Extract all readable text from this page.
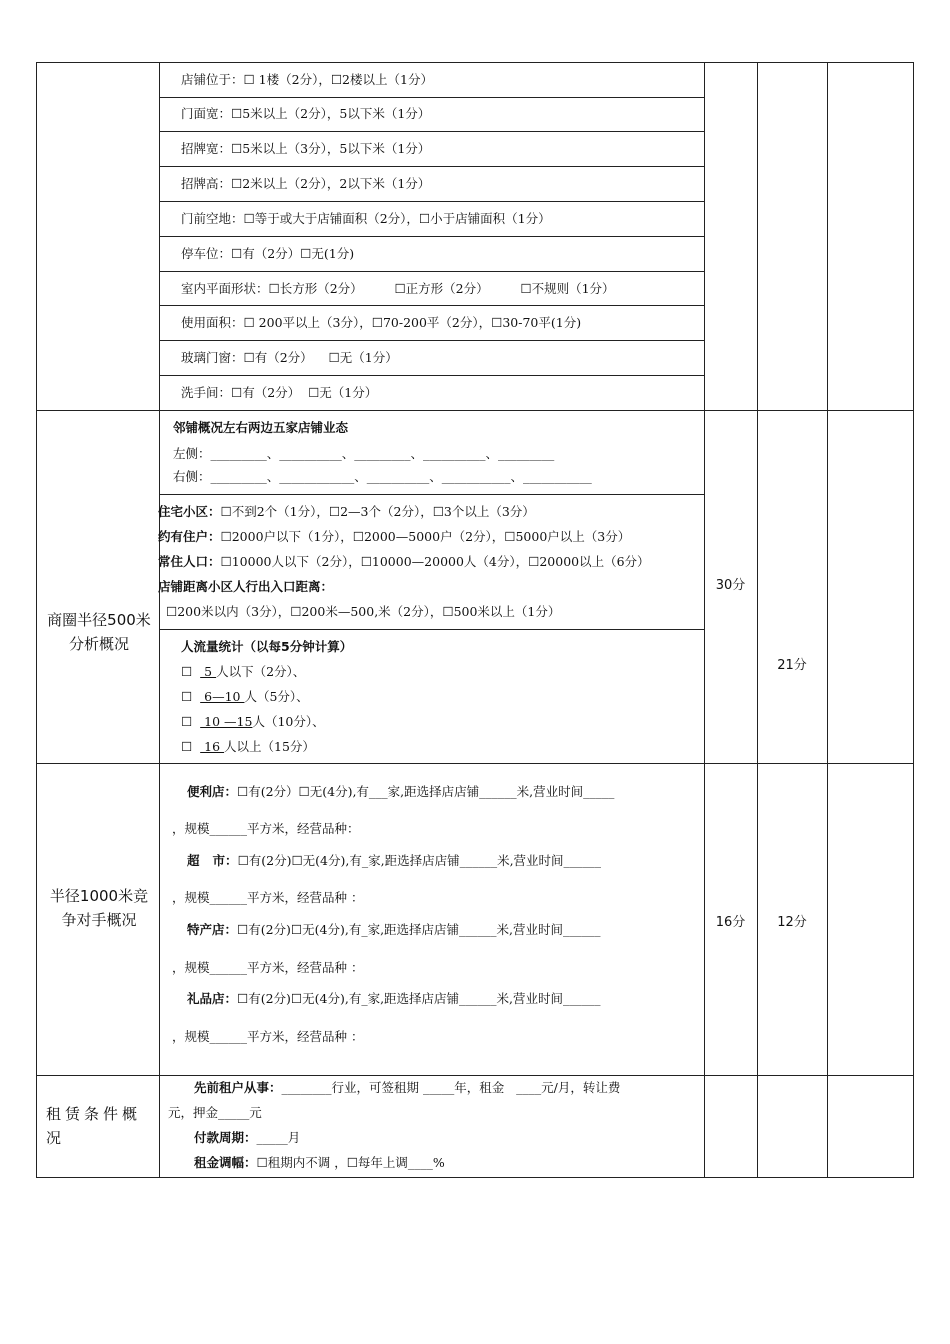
店铺位于：☐ 1楼（2分），☐2楼以上（1分）
门面宽：☐5米以上（2分），5以下米（1分）
招牌宽：☐5米以上（3分），5以下米（1分）
招牌高：☐2米以上（2分），2以下米（1分）
门前空地：☐等于或大于店铺面积（2分），☐小于店铺面积（1分）
停车位：☐有（2分）☐无(1分)
室内平面形状：☐长方形（2分）        ☐正方形（2分）        ☐不规则（1分）
使用面积：☐ 200平以上（3分），☐70-200平（2分），☐30-70平(1分)
玻璃门窗：☐有（2分）    ☐无（1分）
洗手间：☐有（2分）  ☐无（1分）
商圈半径500米分析概况
邻铺概况左右两边五家店铺业态
左侧：_________、__________、_________、__________、_________
右侧：_________、____________、__________、___________、___________
住宅小区：☐不到2个（1分），☐2—3个（2分），☐3个以上（3分）
约有住户：☐2000户以下（1分），☐2000—5000户（2分），☐5000户以上（3分）
常住人口：☐10000人以下（2分），☐10000—20000人（4分），☐20000以上（6分）
店铺距离小区人行出入口距离：
☐200米以内（3分），☐200米—500,米（2分），☐500米以上（1分）
人流量统计（以每5分钟计算）
☐   5 人以下（2分）、
☐   6—10 人（5分）、
☐   10 —15人（10分）、
☐   16 人以上（15分）
30分
21分
半径1000米竞争对手概况
便利店：☐有(2分）☐无(4分),有___家,距选择店店铺______米,营业时间_____
，规模______平方米，经营品种：
超   市：☐有(2分)☐无(4分),有_家,距选择店店铺______米,营业时间______
，规模______平方米，经营品种 ：
特产店：☐有(2分)☐无(4分),有_家,距选择店店铺______米,营业时间______
，规模______平方米，经营品种 ：
礼品店：☐有(2分)☐无(4分),有_家,距选择店店铺______米,营业时间______
，规模______平方米，经营品种 ：
16分	12分
租赁条件概况
先前租户从事：________行业，可签租期 _____年，租金   ____元/月，转让费
元，押金_____元
付款周期：_____月
租金调幅：☐租期内不调 ，☐每年上调____%
